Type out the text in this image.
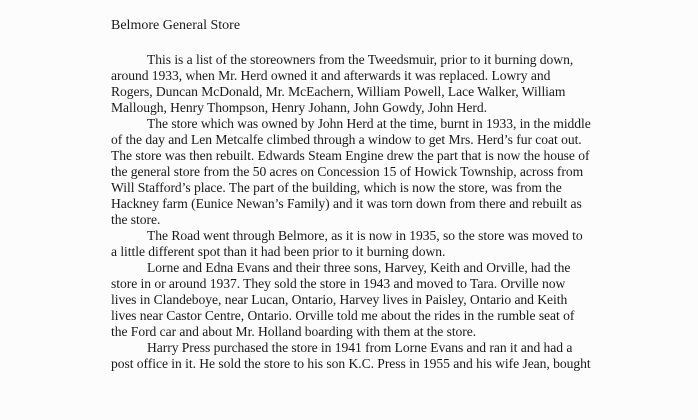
Belmore General Store
This is a list of the storeowners from the Tweedsmuir, prior to it burning down,
around 1933, when Mr. Herd owned it and afterwards it was replaced. Lowry and
Rogers, Duncan McDonald, Mr. McEachern, William Powell, Lace Walker, William
Mallough, Henry Thompson, Henry Johann, John Gowdy, John Herd.
The store which was owned by John Herd at the time, burnt in 1933, in the middle
of the day and Len Metcalfe climbed through a window to get Mrs. Herd’s fur coat out.
The store was then rebuilt. Edwards Steam Engine drew the part that is now the house of
the general store from the 50 acres on Concession 15 of Howick Township, across from
Will Stafford’s place. The part of the building, which is now the store, was from the
Hackney farm (Eunice Newan’s Family) and it was torn down from there and rebuilt as
the store.
The Road went through Belmore, as it is now in 1935, so the store was moved to
a little different spot than it had been prior to it burning down.
Lorne and Edna Evans and their three sons, Harvey, Keith and Orville, had the
store in or around 1937. They sold the store in 1943 and moved to Tara. Orville now
lives in Clandeboye, near Lucan, Ontario, Harvey lives in Paisley, Ontario and Keith
lives near Castor Centre, Ontario. Orville told me about the rides in the rumble seat of
the Ford car and about Mr. Holland boarding with them at the store.
Harry Press purchased the store in 1941 from Lorne Evans and ran it and had a
post office in it. He sold the store to his son K.C. Press in 1955 and his wife Jean, bought
